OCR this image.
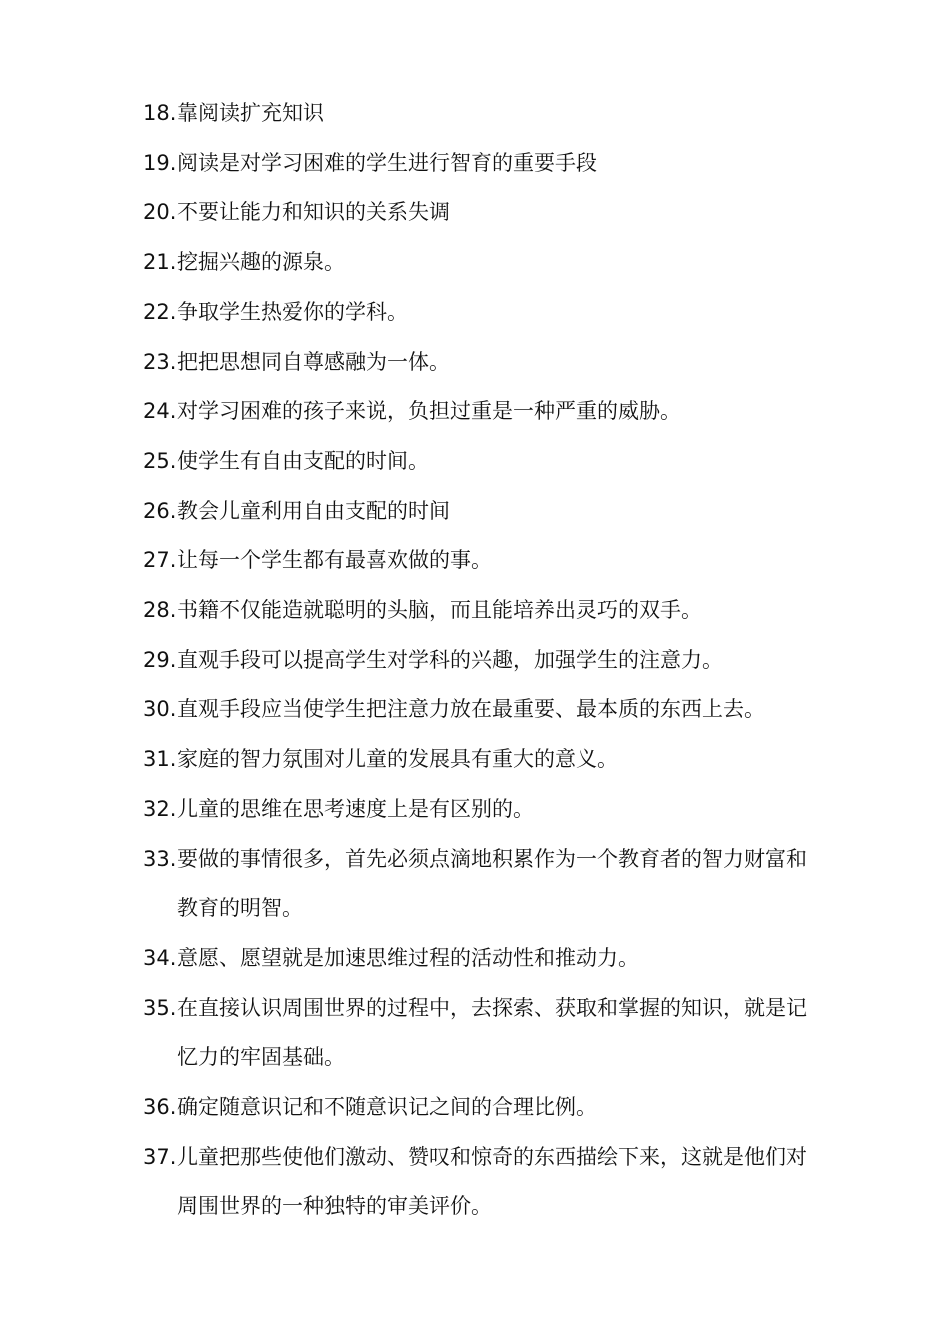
18. 靠阅读扩充知识
19. 阅读是对学习困难的学生进行智育的重要手段
20. 不要让能力和知识的关系失调
21. 挖掘兴趣的源泉。
22. 争取学生热爱你的学科。
23. 把把思想同自尊感融为一体。
24. 对学习困难的孩子来说，负担过重是一种严重的威胁。
25. 使学生有自由支配的时间。
26. 教会儿童利用自由支配的时间
27. 让每一个学生都有最喜欢做的事。
28. 书籍不仅能造就聪明的头脑，而且能培养出灵巧的双手。
29. 直观手段可以提高学生对学科的兴趣，加强学生的注意力。
30. 直观手段应当使学生把注意力放在最重要、最本质的东西上去。
31. 家庭的智力氛围对儿童的发展具有重大的意义。
32. 儿童的思维在思考速度上是有区别的。
33. 要做的事情很多，首先必须点滴地积累作为一个教育者的智力财富和教育的明智。
34. 意愿、愿望就是加速思维过程的活动性和推动力。
35. 在直接认识周围世界的过程中，去探索、获取和掌握的知识，就是记忆力的牢固基础。
36. 确定随意识记和不随意识记之间的合理比例。
37. 儿童把那些使他们激动、赞叹和惊奇的东西描绘下来，这就是他们对周围世界的一种独特的审美评价。
